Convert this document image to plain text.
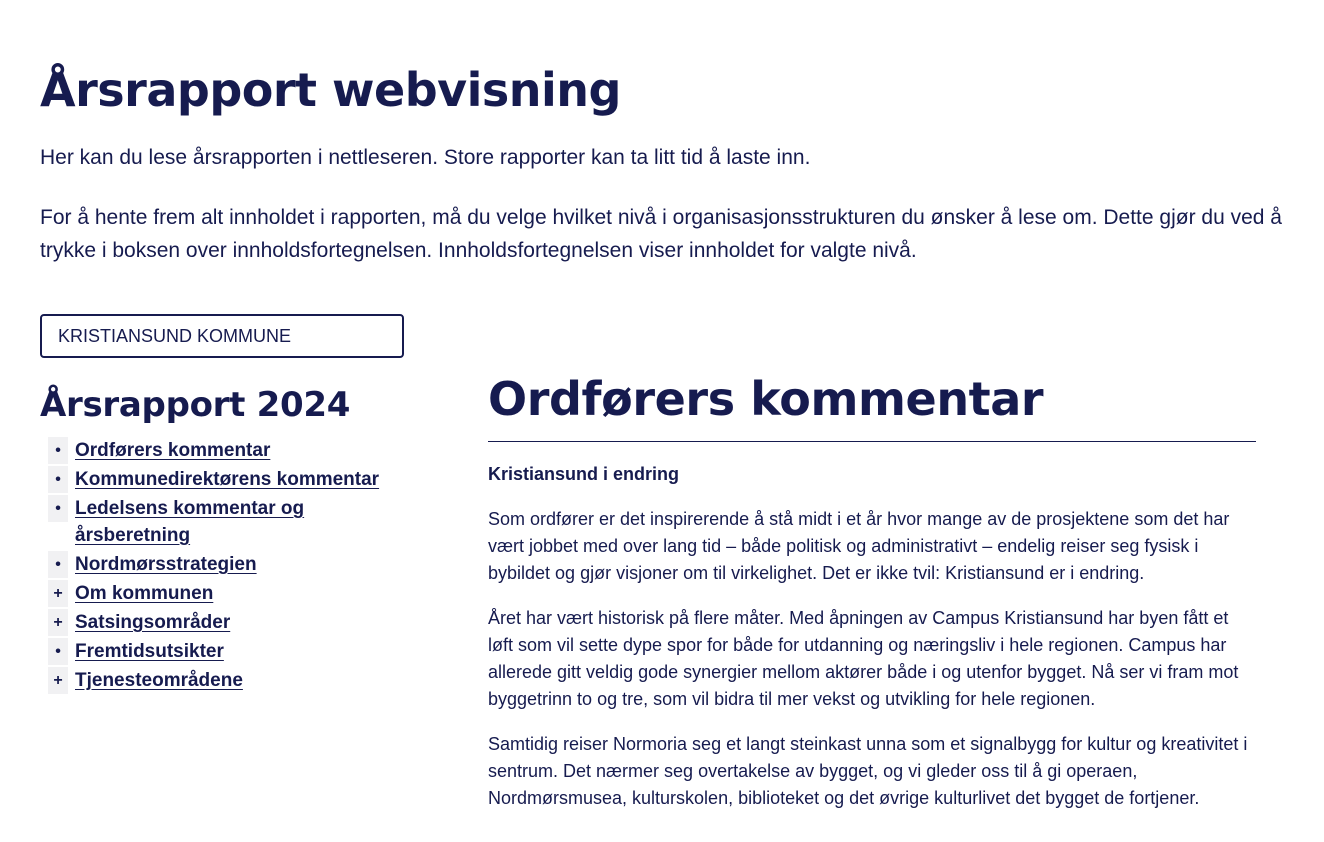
Årsrapport webvisning

Her kan du lese årsrapporten i nettleseren. Store rapporter kan ta litt tid å laste inn.

For å hente frem alt innholdet i rapporten, må du velge hvilket nivå i organisasjonsstrukturen du ønsker å lese om. Dette gjør du ved å trykke i boksen over innholdsfortegnelsen. Innholdsfortegnelsen viser innholdet for valgte nivå.

KRISTIANSUND KOMMUNE
Årsrapport 2024
• Ordførers kommentar
• Kommunedirektørens kommentar
• Ledelsens kommentar og årsberetning
• Nordmørsstrategien
+ Om kommunen
+ Satsingsområder
• Fremtidsutsikter
+ Tjenesteområdene
Ordførers kommentar

Kristiansund i endring

Som ordfører er det inspirerende å stå midt i et år hvor mange av de prosjektene som det har vært jobbet med over lang tid – både politisk og administrativt – endelig reiser seg fysisk i bybildet og gjør visjoner om til virkelighet. Det er ikke tvil: Kristiansund er i endring.

Året har vært historisk på flere måter. Med åpningen av Campus Kristiansund har byen fått et løft som vil sette dype spor for både for utdanning og næringsliv i hele regionen. Campus har allerede gitt veldig gode synergier mellom aktører både i og utenfor bygget. Nå ser vi fram mot byggetrinn to og tre, som vil bidra til mer vekst og utvikling for hele regionen.

Samtidig reiser Normoria seg et langt steinkast unna som et signalbygg for kultur og kreativitet i sentrum. Det nærmer seg overtakelse av bygget, og vi gleder oss til å gi operaen, Nordmørsmusea, kulturskolen, biblioteket og det øvrige kulturlivet det bygget de fortjener.
